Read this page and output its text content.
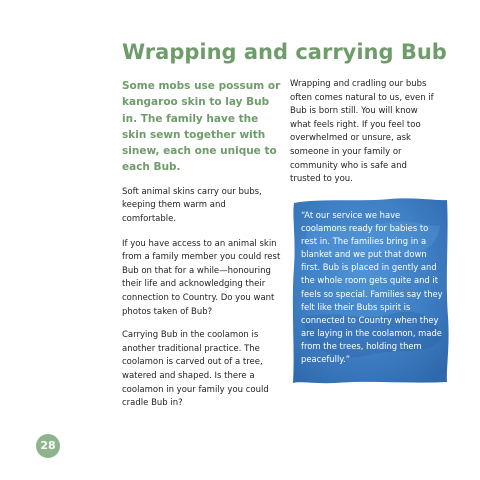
Wrapping and carrying Bub

Some mobs use possum or kangaroo skin to lay Bub in. The family have the skin sewn together with sinew, each one unique to each Bub.

Soft animal skins carry our bubs, keeping them warm and comfortable.

If you have access to an animal skin from a family member you could rest Bub on that for a while—honouring their life and acknowledging their connection to Country. Do you want photos taken of Bub?

Carrying Bub in the coolamon is another traditional practice. The coolamon is carved out of a tree, watered and shaped. Is there a coolamon in your family you could cradle Bub in?

Wrapping and cradling our bubs often comes natural to us, even if Bub is born still. You will know what feels right. If you feel too overwhelmed or unsure, ask someone in your family or community who is safe and trusted to you.

“At our service we have coolamons ready for babies to rest in. The families bring in a blanket and we put that down first. Bub is placed in gently and the whole room gets quite and it feels so special. Families say they felt like their Bubs spirit is connected to Country when they are laying in the coolamon, made from the trees, holding them peacefully.”

28
